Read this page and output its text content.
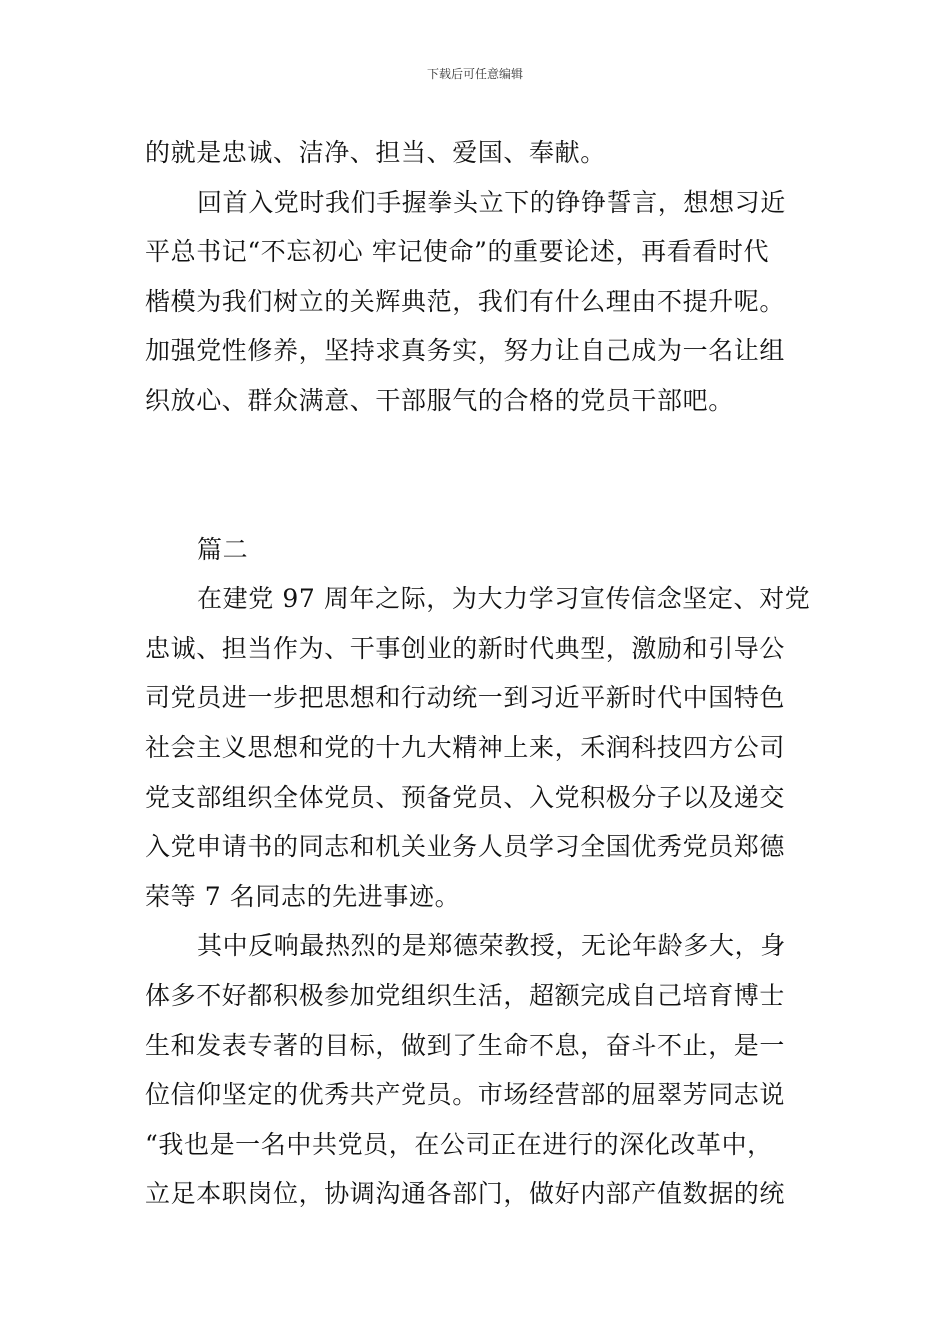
下载后可任意编辑
的就是忠诚、洁净、担当、爱国、奉献。
回首入党时我们手握拳头立下的铮铮誓言，想想习近
平总书记“不忘初心 牢记使命”的重要论述，再看看时代
楷模为我们树立的关辉典范，我们有什么理由不提升呢。
加强党性修养，坚持求真务实，努力让自己成为一名让组
织放心、群众满意、干部服气的合格的党员干部吧。
篇二
在建党 97 周年之际，为大力学习宣传信念坚定、对党
忠诚、担当作为、干事创业的新时代典型，激励和引导公
司党员进一步把思想和行动统一到习近平新时代中国特色
社会主义思想和党的十九大精神上来，禾润科技四方公司
党支部组织全体党员、预备党员、入党积极分子以及递交
入党申请书的同志和机关业务人员学习全国优秀党员郑德
荣等 7 名同志的先进事迹。
其中反响最热烈的是郑德荣教授，无论年龄多大，身
体多不好都积极参加党组织生活，超额完成自己培育博士
生和发表专著的目标，做到了生命不息，奋斗不止，是一
位信仰坚定的优秀共产党员。市场经营部的屈翠芳同志说
“我也是一名中共党员，在公司正在进行的深化改革中，
立足本职岗位，协调沟通各部门，做好内部产值数据的统
